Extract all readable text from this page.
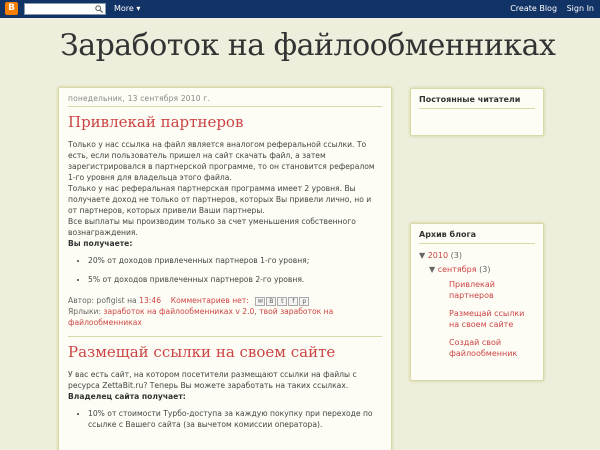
B	More ▾	Create Blog Sign In
Заработок на файлообменниках
понедельник, 13 сентября 2010 г.
Привлекай партнеров
Только у нас ссылка на файл является аналогом реферальной ссылки. То есть, если пользователь пришел на сайт скачать файл, а затем зарегистрировался в партнерской программе, то он становится рефералом 1-го уровня для владельца этого файла.
Только у нас реферальная партнерская программа имеет 2 уровня. Вы получаете доход не только от партнеров, которых Вы привели лично, но и от партнеров, которых привели Ваши партнеры.
Все выплаты мы производим только за счет уменьшения собственного вознаграждения.
Вы получаете:
• 20% от доходов привлеченных партнеров 1-го уровня;
• 5% от доходов привлеченных партнеров 2-го уровня.
Автор: pofigist на 13:46 Комментариев нет:	✉	B	t	f	p

Ярлыки: заработок на файлообменниках v 2.0, твой заработок на файлообменниках
Размещай ссылки на своем сайте
У вас есть сайт, на котором посетители размещают ссылки на файлы с ресурса ZettaBit.ru? Теперь Вы можете заработать на таких ссылках.
Владелец сайта получает:
• 10% от стоимости Турбо-доступа за каждую покупку при переходе по ссылке с Вашего сайта (за вычетом комиссии оператора).
Постоянные читатели
Архив блога
▼ 2010 (3)
▼ сентября (3)
Привлекай партнеров
Размещай ссылки на своем сайте
Создай свой файлообменник
